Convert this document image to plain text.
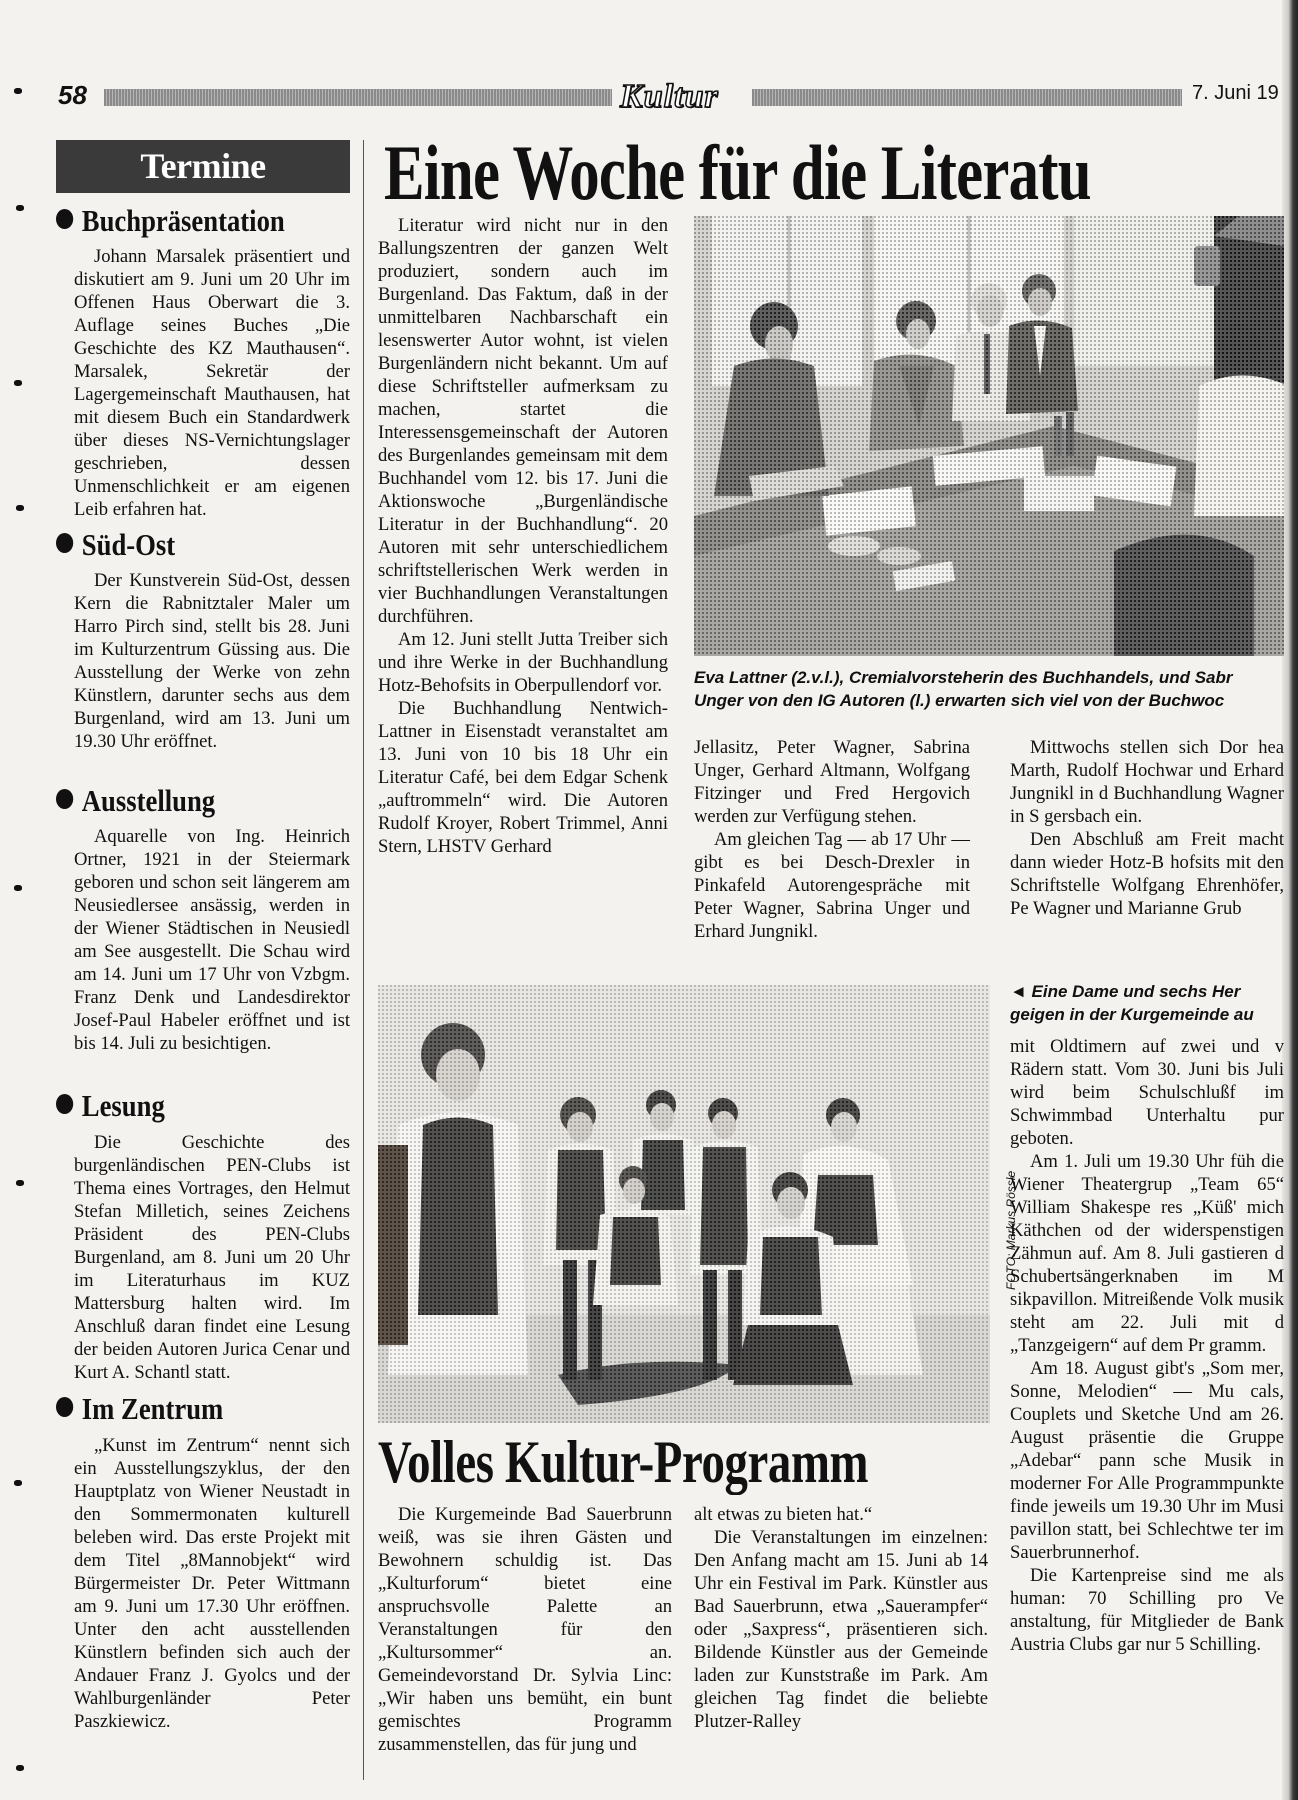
58	Kultur	7. Juni 19
Termine
Buchpräsentation

Johann Marsalek präsentiert und diskutiert am 9. Juni um 20 Uhr im Offenen Haus Oberwart die 3. Auflage seines Buches „Die Geschichte des KZ Mauthausen“. Marsalek, Sekretär der Lagergemeinschaft Mauthausen, hat mit diesem Buch ein Standardwerk über dieses NS-Vernichtungslager geschrieben, dessen Unmenschlichkeit er am eigenen Leib erfahren hat.

Süd-Ost

Der Kunstverein Süd-Ost, dessen Kern die Rabnitztaler Maler um Harro Pirch sind, stellt bis 28. Juni im Kulturzentrum Güssing aus. Die Ausstellung der Werke von zehn Künstlern, darunter sechs aus dem Burgenland, wird am 13. Juni um 19.30 Uhr eröffnet.

Ausstellung

Aquarelle von Ing. Heinrich Ortner, 1921 in der Steiermark geboren und schon seit längerem am Neusiedlersee ansässig, werden in der Wiener Städtischen in Neusiedl am See ausgestellt. Die Schau wird am 14. Juni um 17 Uhr von Vzbgm. Franz Denk und Landesdirektor Josef-Paul Habeler eröffnet und ist bis 14. Juli zu besichtigen.

Lesung

Die Geschichte des burgenländischen PEN-Clubs ist Thema eines Vortrages, den Helmut Stefan Milletich, seines Zeichens Präsident des PEN-Clubs Burgenland, am 8. Juni um 20 Uhr im Literaturhaus im KUZ Mattersburg halten wird. Im Anschluß daran findet eine Lesung der beiden Autoren Jurica Cenar und Kurt A. Schantl statt.

Im Zentrum

„Kunst im Zentrum“ nennt sich ein Ausstellungszyklus, der den Hauptplatz von Wiener Neustadt in den Sommermonaten kulturell beleben wird. Das erste Projekt mit dem Titel „8Mannobjekt“ wird Bürgermeister Dr. Peter Wittmann am 9. Juni um 17.30 Uhr eröffnen. Unter den acht ausstellenden Künstlern befinden sich auch der Andauer Franz J. Gyolcs und der Wahlburgenländer Peter Paszkiewicz.

Eine Woche für die Literatu

Literatur wird nicht nur in den Ballungszentren der ganzen Welt produziert, sondern auch im Burgenland. Das Faktum, daß in der unmittelbaren Nachbarschaft ein lesenswerter Autor wohnt, ist vielen Burgenländern nicht bekannt. Um auf diese Schriftsteller aufmerksam zu machen, startet die Interessensgemeinschaft der Autoren des Burgenlandes gemeinsam mit dem Buchhandel vom 12. bis 17. Juni die Aktionswoche „Burgenländische Literatur in der Buchhandlung“. 20 Autoren mit sehr unterschiedlichem schriftstellerischen Werk werden in vier Buchhandlungen Veranstaltungen durchführen.

Am 12. Juni stellt Jutta Treiber sich und ihre Werke in der Buchhandlung Hotz-Behofsits in Oberpullendorf vor.

Die Buchhandlung Nentwich-Lattner in Eisenstadt veranstaltet am 13. Juni von 10 bis 18 Uhr ein Literatur Café, bei dem Edgar Schenk „auftrommeln“ wird. Die Autoren Rudolf Kroyer, Robert Trimmel, Anni Stern, LHSTV Gerhard

Eva Lattner (2.v.l.), Cremialvorsteherin des Buchhandels, und Sabr
Unger von den IG Autoren (l.) erwarten sich viel von der Buchwoc

Jellasitz, Peter Wagner, Sabrina Unger, Gerhard Altmann, Wolfgang Fitzinger und Fred Hergovich werden zur Verfügung stehen.

Am gleichen Tag — ab 17 Uhr — gibt es bei Desch-Drexler in Pinkafeld Autorengespräche mit Peter Wagner, Sabrina Unger und Erhard Jungnikl.

Mittwochs stellen sich Dor hea Marth, Rudolf Hochwar und Erhard Jungnikl in d Buchhandlung Wagner in S gersbach ein.

Den Abschluß am Freit macht dann wieder Hotz-B hofsits mit den Schriftstelle Wolfgang Ehrenhöfer, Pe Wagner und Marianne Grub

FOTO: Markus Rössle
◄ Eine Dame und sechs Her
geigen in der Kurgemeinde au
Volles Kultur-Programm

Die Kurgemeinde Bad Sauerbrunn weiß, was sie ihren Gästen und Bewohnern schuldig ist. Das „Kulturforum“ bietet eine anspruchsvolle Palette an Veranstaltungen für den „Kultursommer“ an. Gemeindevorstand Dr. Sylvia Linc: „Wir haben uns bemüht, ein bunt gemischtes Programm zusammenstellen, das für jung und

alt etwas zu bieten hat.“

Die Veranstaltungen im einzelnen: Den Anfang macht am 15. Juni ab 14 Uhr ein Festival im Park. Künstler aus Bad Sauerbrunn, etwa „Sauerampfer“ oder „Saxpress“, präsentieren sich. Bildende Künstler aus der Gemeinde laden zur Kunststraße im Park. Am gleichen Tag findet die beliebte Plutzer-Ralley

mit Oldtimern auf zwei und v Rädern statt. Vom 30. Juni bis Juli wird beim Schulschlußf im Schwimmbad Unterhaltu pur geboten.

Am 1. Juli um 19.30 Uhr füh die Wiener Theatergrup „Team 65“ William Shakespe res „Küß' mich Käthchen od der widerspenstigen Zähmun auf. Am 8. Juli gastieren d Schubertsängerknaben im M sikpavillon. Mitreißende Volk musik steht am 22. Juli mit d „Tanzgeigern“ auf dem Pr gramm.

Am 18. August gibt's „Som mer, Sonne, Melodien“ — Mu cals, Couplets und Sketche Und am 26. August präsentie die Gruppe „Adebar“ pann sche Musik in moderner For Alle Programmpunkte finde jeweils um 19.30 Uhr im Musi pavillon statt, bei Schlechtwe ter im Sauerbrunnerhof.

Die Kartenpreise sind me als human: 70 Schilling pro Ve anstaltung, für Mitglieder de Bank Austria Clubs gar nur 5 Schilling.
